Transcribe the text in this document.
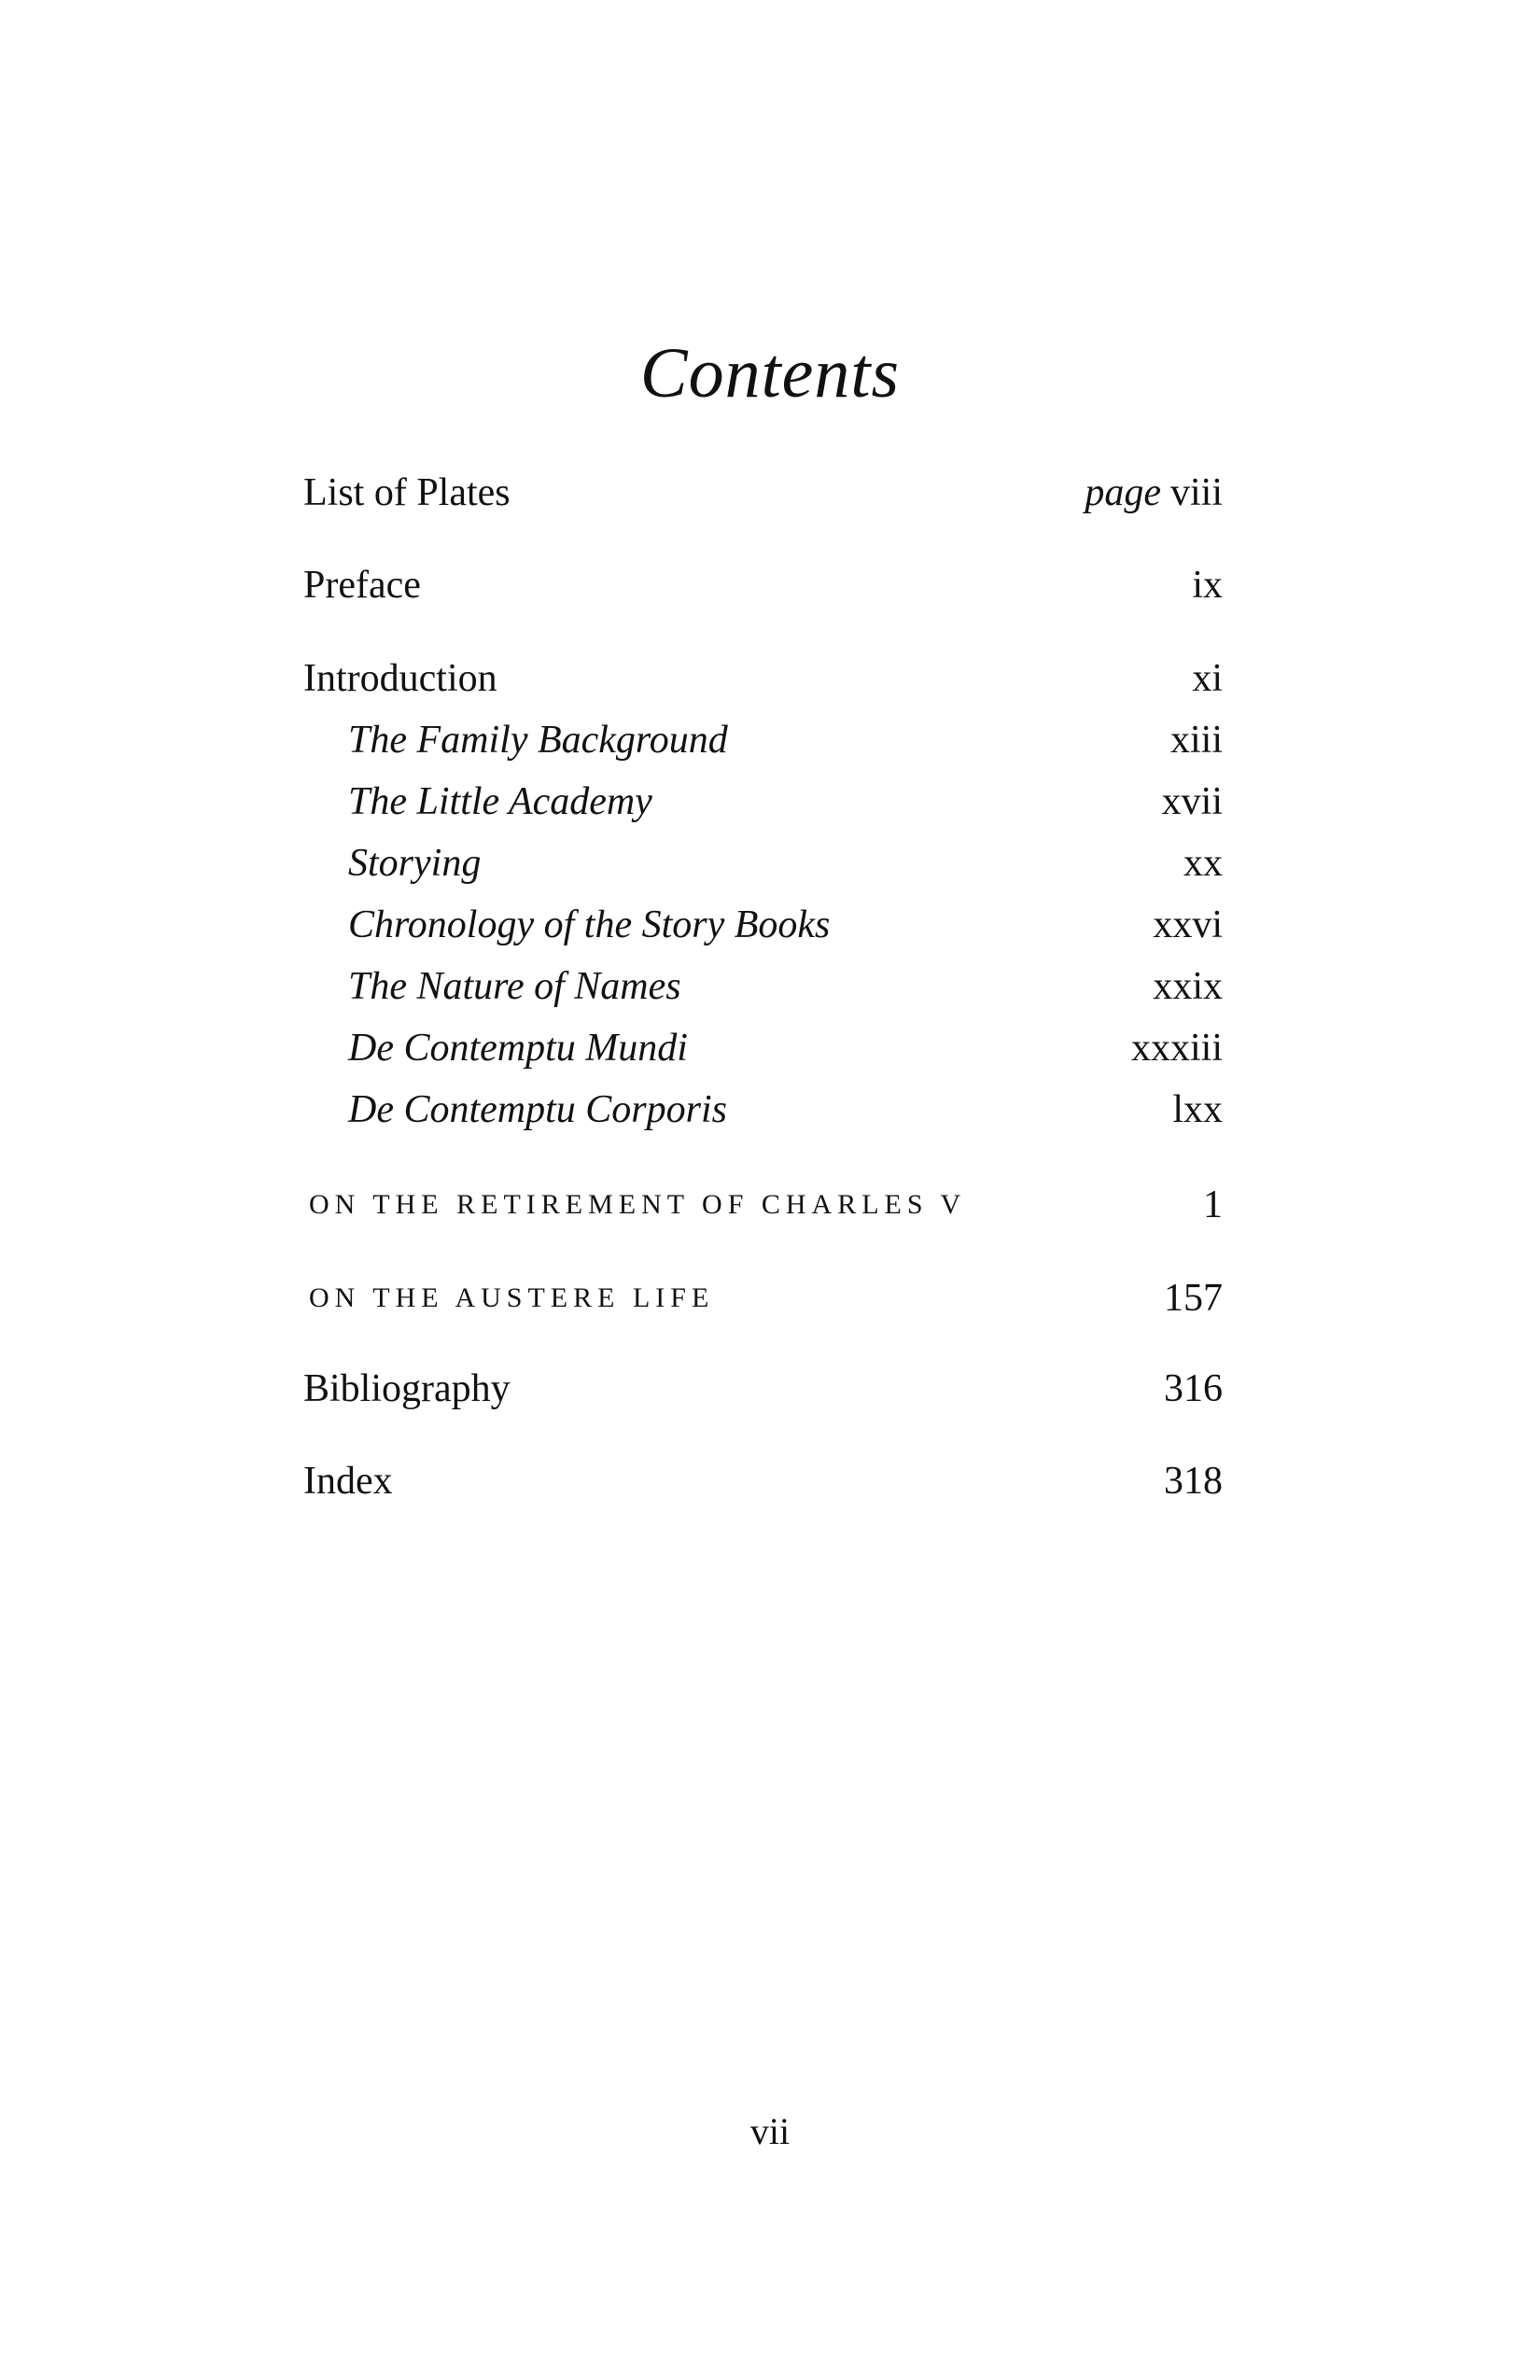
Contents
List of Plates	page viii
Preface	ix
Introduction	xi
The Family Background	xiii
The Little Academy	xvii
Storying	xx
Chronology of the Story Books	xxvi
The Nature of Names	xxix
De Contemptu Mundi	xxxiii
De Contemptu Corporis	lxx
ON THE RETIREMENT OF CHARLES V	1
ON THE AUSTERE LIFE	157
Bibliography	316
Index	318
vii
